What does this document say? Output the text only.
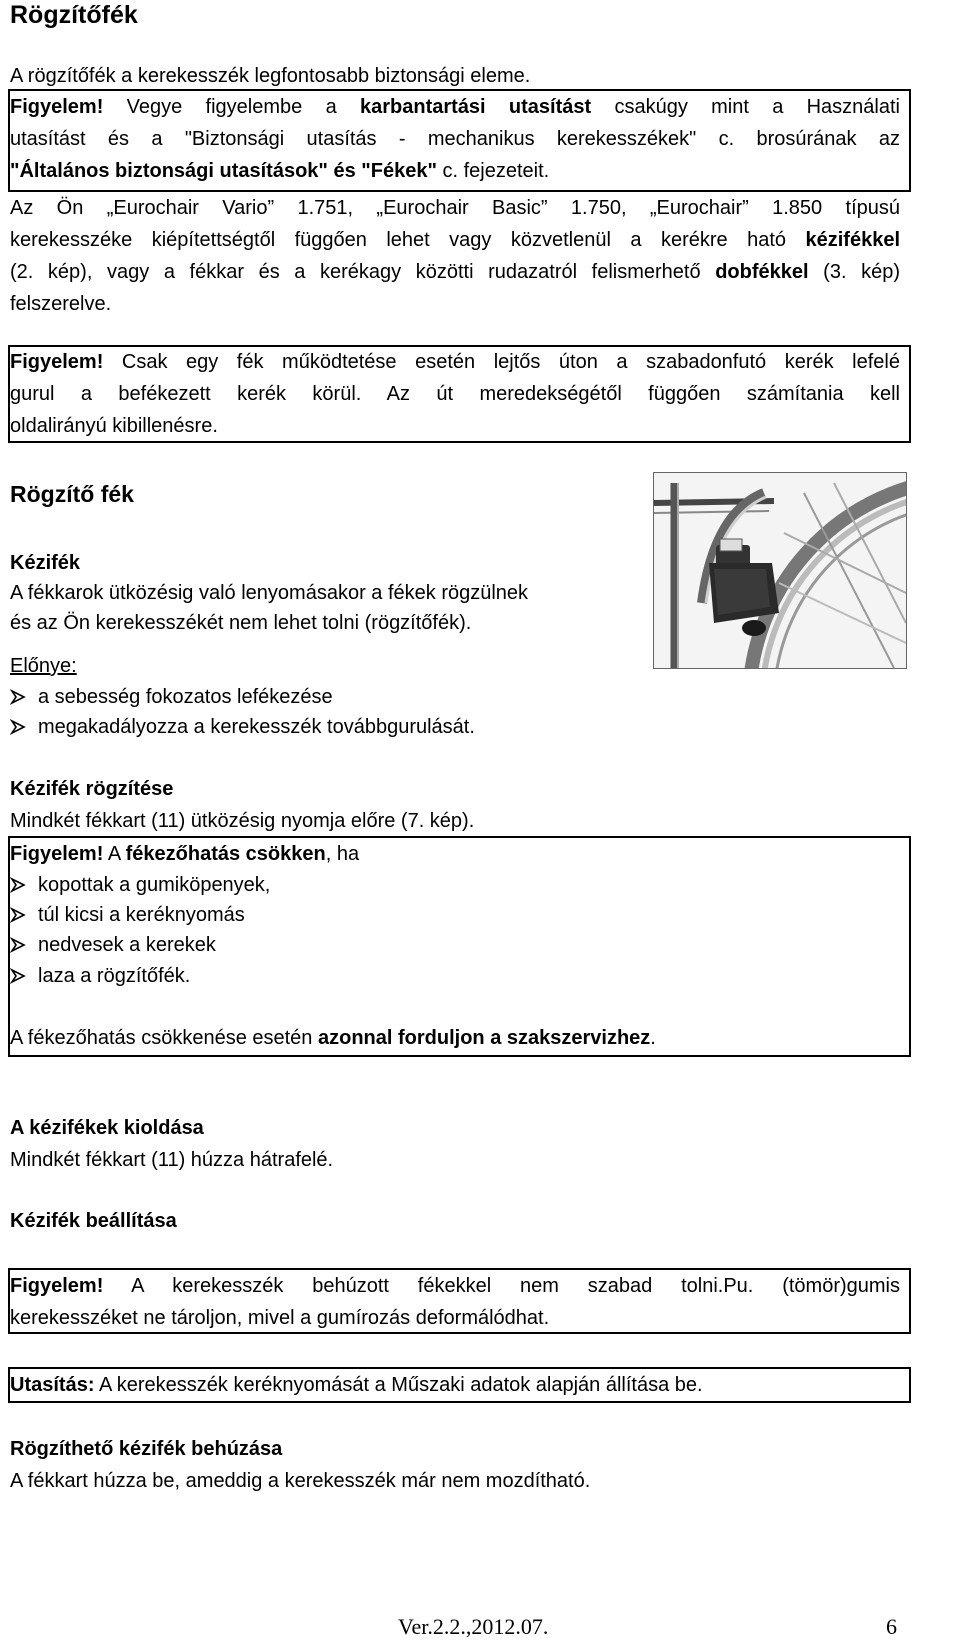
Rögzítőfék
A rögzítőfék a kerekesszék legfontosabb biztonsági eleme.
Figyelem! Vegye figyelembe a karbantartási utasítást csakúgy mint a Használati
utasítást és a "Biztonsági utasítás - mechanikus kerekesszékek" c. brosúrának az
"Általános biztonsági utasítások" és "Fékek" c. fejezeteit.
Az Ön „Eurochair Vario” 1.751, „Eurochair Basic” 1.750, „Eurochair” 1.850 típusú
kerekesszéke kiépítettségtől függően lehet vagy közvetlenül a kerékre ható kézifékkel
(2. kép), vagy a fékkar és a kerékagy közötti rudazatról felismerhető dobfékkel (3. kép)
felszerelve.
Figyelem! Csak egy fék működtetése esetén lejtős úton a szabadonfutó kerék lefelé
gurul a befékezett kerék körül. Az út meredekségétől függően számítania kell
oldalirányú kibillenésre.
Rögzítő fék
Kézifék
A fékkarok ütközésig való lenyomásakor a fékek rögzülnek
és az Ön kerekesszékét nem lehet tolni (rögzítőfék).
Előnye:
a sebesség fokozatos lefékezése
megakadályozza a kerekesszék továbbgurulását.
Kézifék rögzítése
Mindkét fékkart (11) ütközésig nyomja előre (7. kép).
Figyelem! A fékezőhatás csökken, ha
kopottak a gumiköpenyek,
túl kicsi a keréknyomás
nedvesek a kerekek
laza a rögzítőfék.
A fékezőhatás csökkenése esetén azonnal forduljon a szakszervizhez.
A kézifékek kioldása
Mindkét fékkart (11) húzza hátrafelé.
Kézifék beállítása
Figyelem! A kerekesszék behúzott fékekkel nem szabad tolni.Pu. (tömör)gumis
kerekesszéket ne tároljon, mivel a gumírozás deformálódhat.
Utasítás: A kerekesszék keréknyomását a Műszaki adatok alapján állítása be.
Rögzíthető kézifék behúzása
A fékkart húzza be, ameddig a kerekesszék már nem mozdítható.
Ver.2.2.,2012.07.	6
